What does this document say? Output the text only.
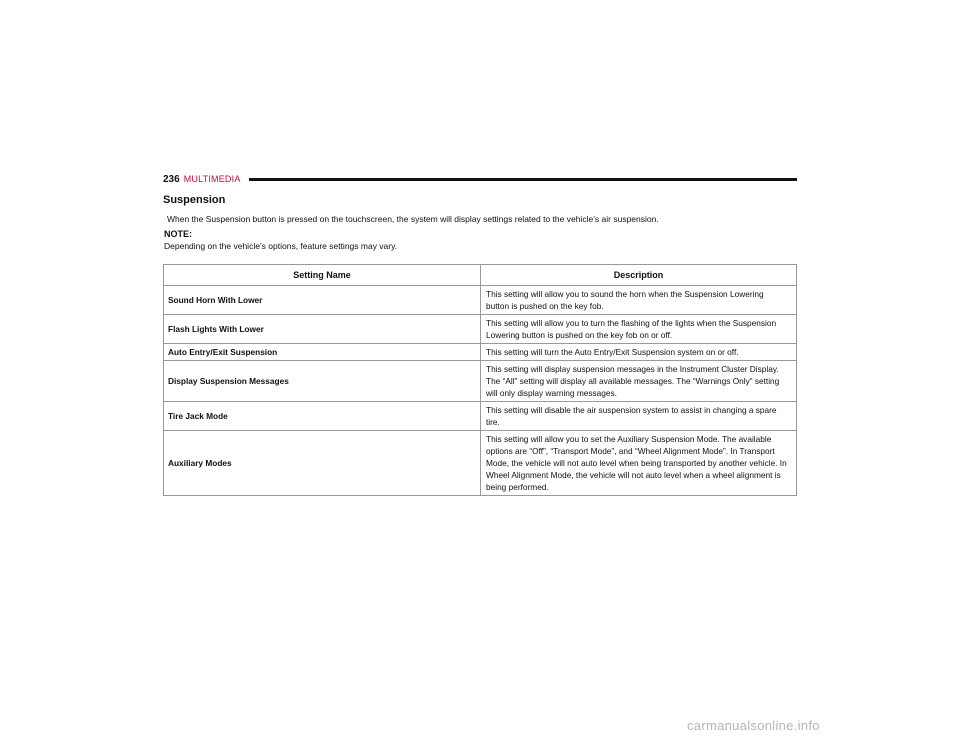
236 MULTIMEDIA
Suspension

When the Suspension button is pressed on the touchscreen, the system will display settings related to the vehicle’s air suspension.

NOTE:

Depending on the vehicle’s options, feature settings may vary.

Setting Name	Description
Sound Horn With Lower	This setting will allow you to sound the horn when the Suspension Lowering button is pushed on the key fob.
Flash Lights With Lower	This setting will allow you to turn the flashing of the lights when the Suspension Lowering button is pushed on the key fob on or off.
Auto Entry/Exit Suspension	This setting will turn the Auto Entry/Exit Suspension system on or off.
Display Suspension Messages	This setting will display suspension messages in the Instrument Cluster Display. The “All” setting will display all available messages. The “Warnings Only” setting will only display warning messages.
Tire Jack Mode	This setting will disable the air suspension system to assist in changing a spare tire.
Auxiliary Modes	This setting will allow you to set the Auxiliary Suspension Mode. The available options are “Off”, “Transport Mode”, and “Wheel Alignment Mode”. In Transport Mode, the vehicle will not auto level when being transported by another vehicle. In Wheel Alignment Mode, the vehicle will not auto level when a wheel alignment is being performed.
carmanualsonline.info
